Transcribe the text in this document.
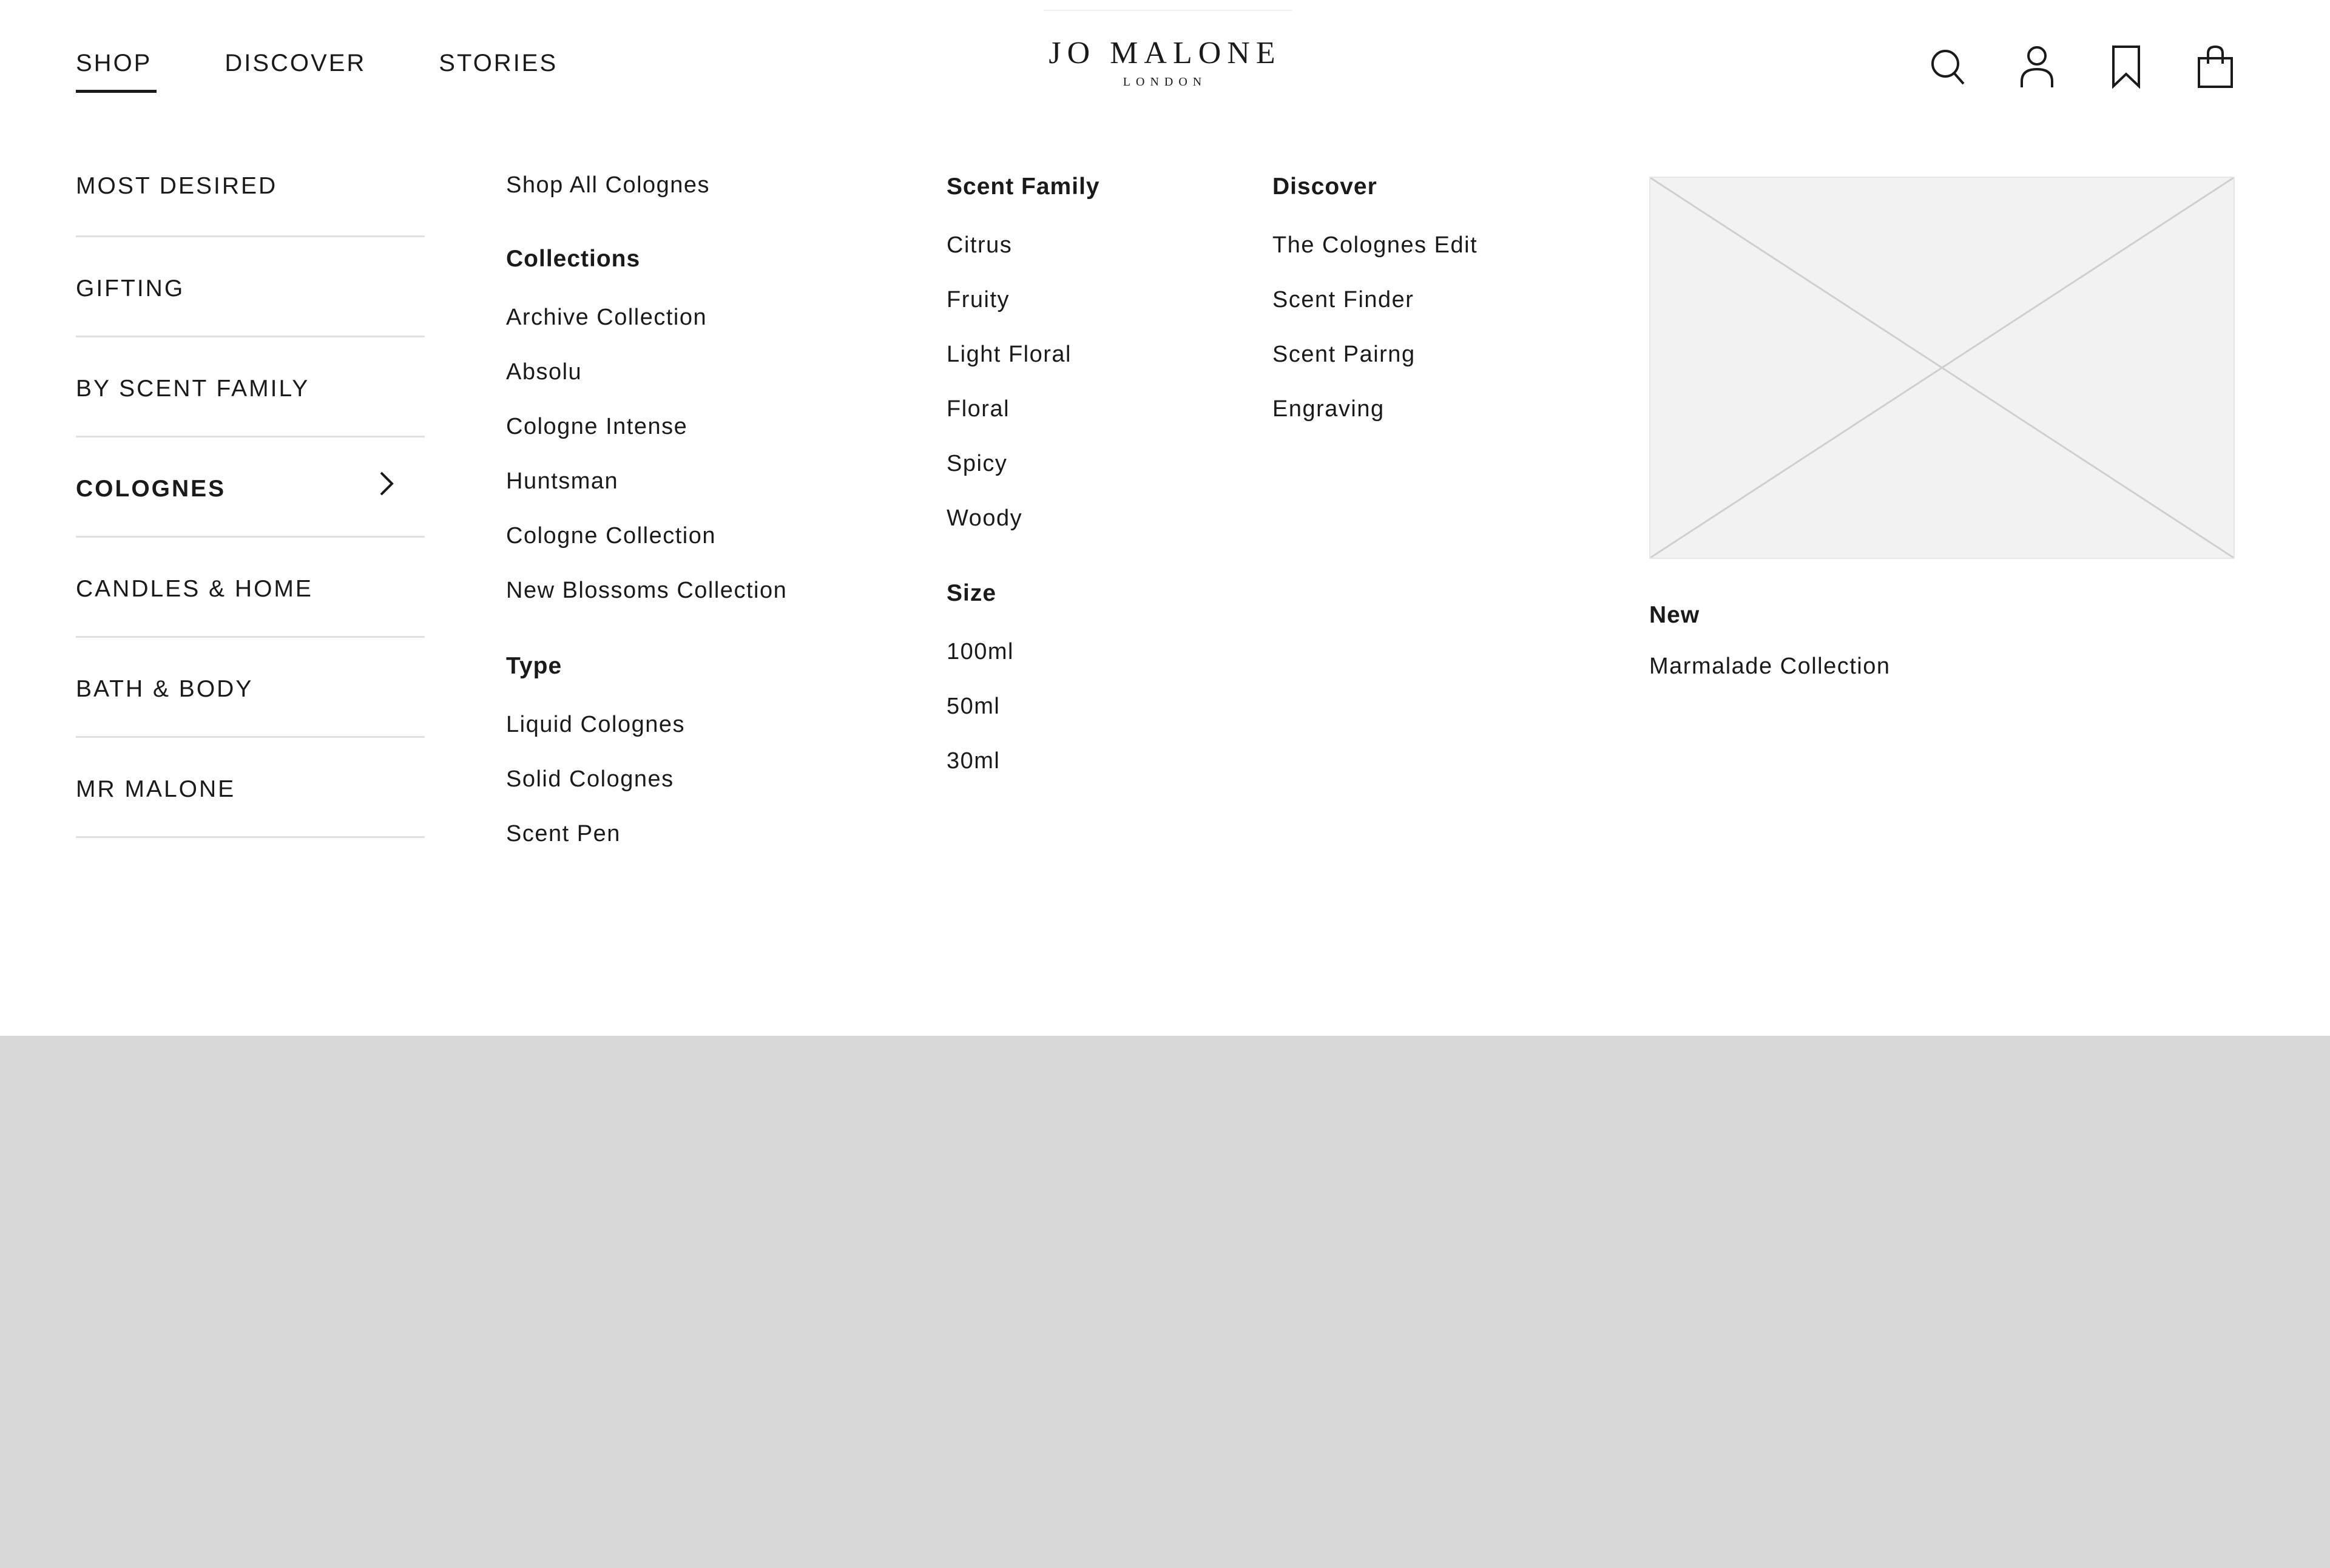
SHOP	DISCOVER	STORIES	JO MALONE
LONDON
MOST DESIRED
GIFTING
BY SCENT FAMILY
COLOGNES
CANDLES & HOME
BATH & BODY
MR MALONE
Shop All Colognes
Collections
Archive Collection
Absolu
Cologne Intense
Huntsman
Cologne Collection
New Blossoms Collection
Type
Liquid Colognes
Solid Colognes
Scent Pen
Scent Family
Citrus
Fruity
Light Floral
Floral
Spicy
Woody
Size
100ml
50ml
30ml
Discover
The Colognes Edit
Scent Finder
Scent Pairng
Engraving
New
Marmalade Collection
